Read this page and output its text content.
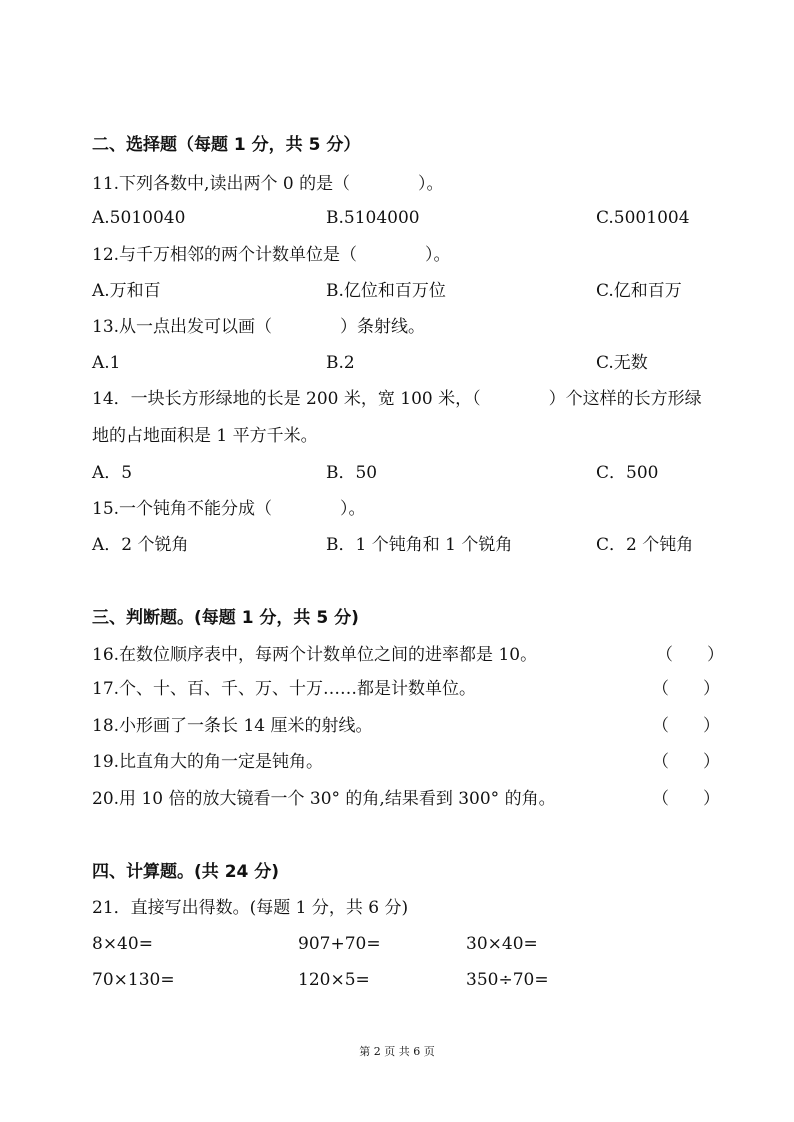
二、选择题（每题 1 分，共 5 分）
11.下列各数中,读出两个 0 的是（　　　　）。
A.5010040	B.5104000	C.5001004
12.与千万相邻的两个计数单位是（　　　　）。
A.万和百	B.亿位和百万位	C.亿和百万
13.从一点出发可以画（　　　　）条射线。
A.1	B.2	C.无数
14．一块长方形绿地的长是 200 米，宽 100 米，（　　　　）个这样的长方形绿
地的占地面积是 1 平方千米。
A．5	B．50	C．500
15.一个钝角不能分成（　　　　）。
A．2 个锐角	B．1 个钝角和 1 个锐角	C．2 个钝角
三、判断题。(每题 1 分，共 5 分)
16.在数位顺序表中，每两个计数单位之间的进率都是 10。	（　　）
17.个、十、百、千、万、十万……都是计数单位。	（　　）
18.小形画了一条长 14 厘米的射线。	（　　）
19.比直角大的角一定是钝角。	（　　）
20.用 10 倍的放大镜看一个 30° 的角,结果看到 300° 的角。	（　　）
四、计算题。(共 24 分)
21．直接写出得数。(每题 1 分，共 6 分)
8×40=	907+70=	30×40=
70×130=	120×5=	350÷70=
第 2 页 共 6 页
